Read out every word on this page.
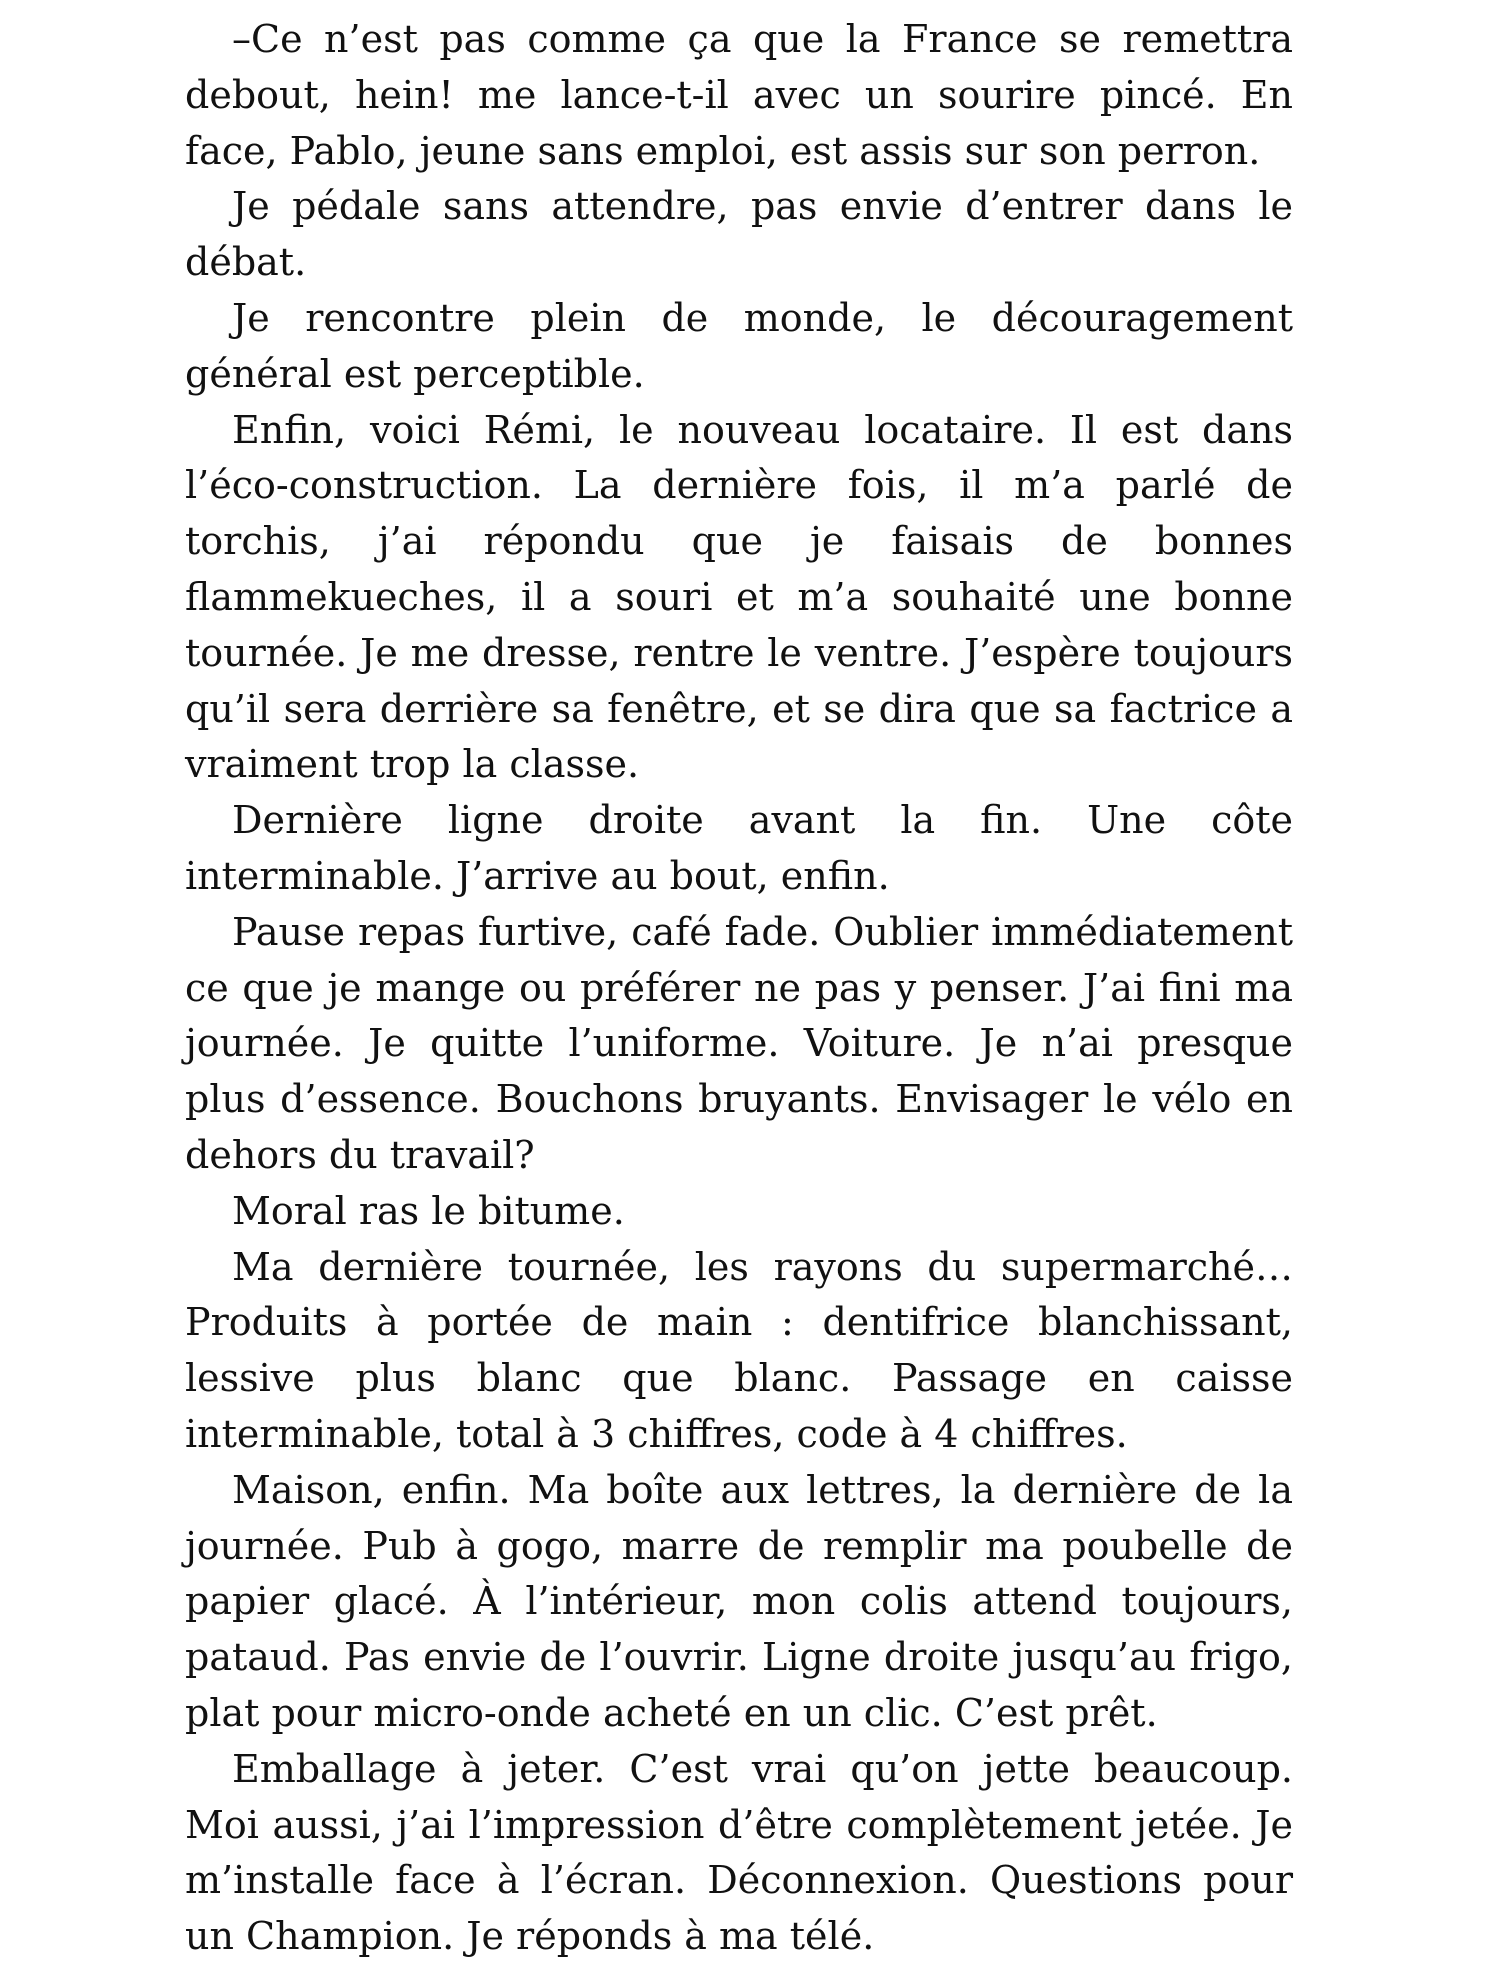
–Ce n’est pas comme ça que la France se remettra debout, hein! me lance-t-il avec un sourire pincé. En face, Pablo, jeune sans emploi, est assis sur son perron.

Je pédale sans attendre, pas envie d’entrer dans le débat.

Je rencontre plein de monde, le découragement général est perceptible.

Enfin, voici Rémi, le nouveau locataire. Il est dans l’éco-construction. La dernière fois, il m’a parlé de torchis, j’ai répondu que je faisais de bonnes flammekueches, il a souri et m’a souhaité une bonne tournée. Je me dresse, rentre le ventre. J’espère toujours qu’il sera derrière sa fenêtre, et se dira que sa factrice a vraiment trop la classe.

Dernière ligne droite avant la fin. Une côte interminable. J’arrive au bout, enfin.

Pause repas furtive, café fade. Oublier immédiatement ce que je mange ou préférer ne pas y penser. J’ai fini ma journée. Je quitte l’uniforme. Voiture. Je n’ai presque plus d’essence. Bouchons bruyants. Envisager le vélo en dehors du travail?

Moral ras le bitume.

Ma dernière tournée, les rayons du supermarché… Produits à portée de main : dentifrice blanchissant, lessive plus blanc que blanc. Passage en caisse interminable, total à 3 chiffres, code à 4 chiffres.

Maison, enfin. Ma boîte aux lettres, la dernière de la journée. Pub à gogo, marre de remplir ma poubelle de papier glacé. À l’intérieur, mon colis attend toujours, pataud. Pas envie de l’ouvrir. Ligne droite jusqu’au frigo, plat pour micro-onde acheté en un clic. C’est prêt.

Emballage à jeter. C’est vrai qu’on jette beaucoup. Moi aussi, j’ai l’impression d’être complètement jetée. Je m’installe face à l’écran. Déconnexion. Questions pour un Champion. Je réponds à ma télé.
